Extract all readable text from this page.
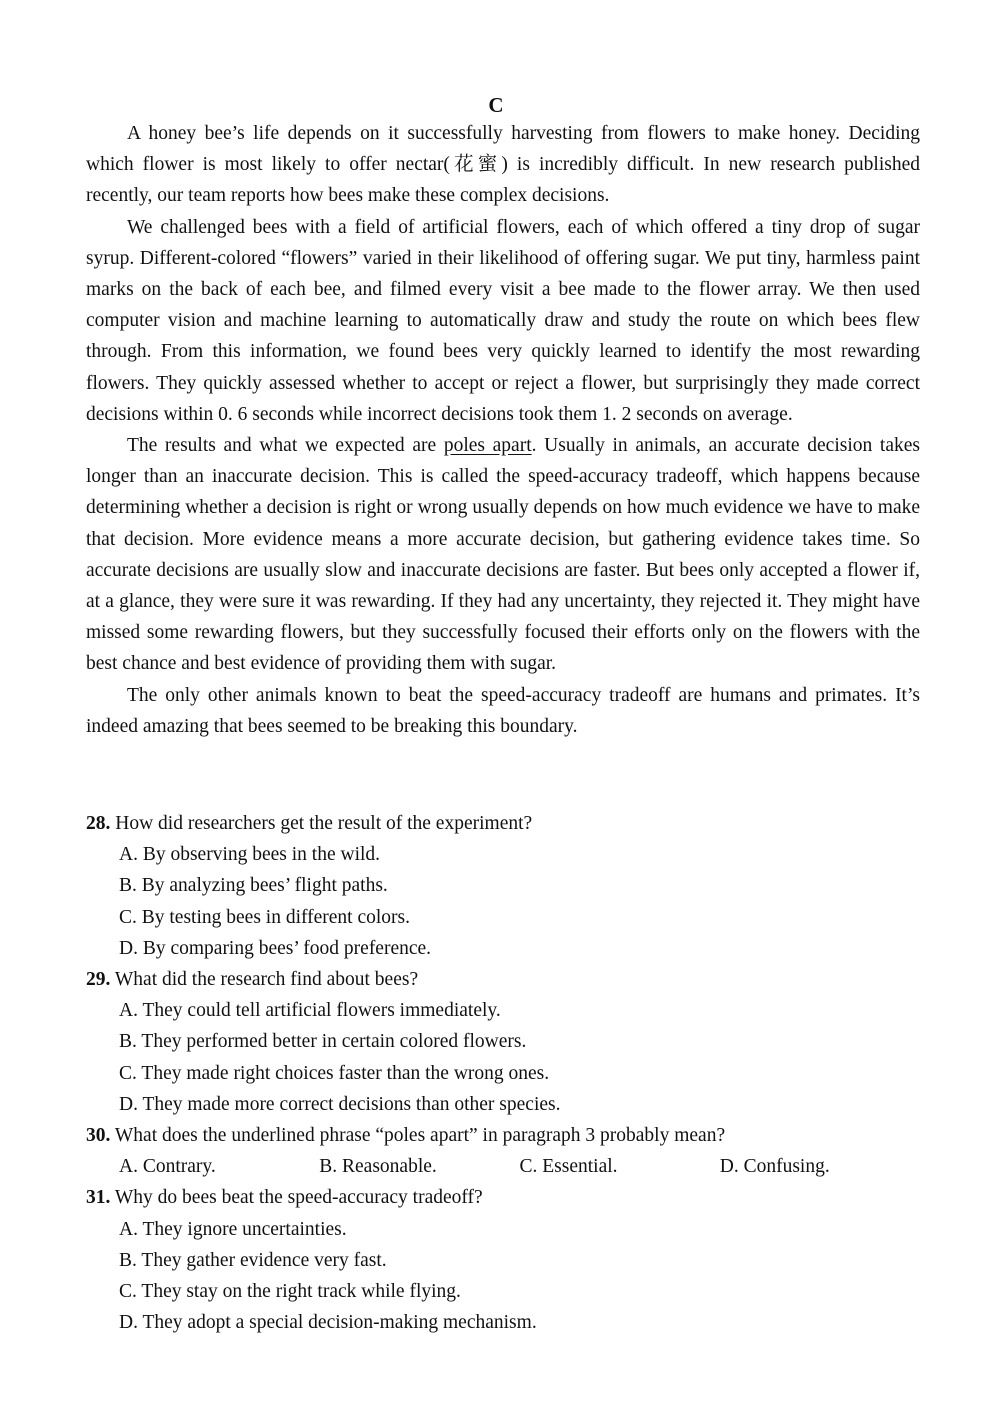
C

A honey bee’s life depends on it successfully harvesting from flowers to make honey. Deciding which flower is most likely to offer nectar(花蜜) is incredibly difficult. In new research published recently, our team reports how bees make these complex decisions.

We challenged bees with a field of artificial flowers, each of which offered a tiny drop of sugar syrup. Different-colored “flowers” varied in their likelihood of offering sugar. We put tiny, harmless paint marks on the back of each bee, and filmed every visit a bee made to the flower array. We then used computer vision and machine learning to automatically draw and study the route on which bees flew through. From this information, we found bees very quickly learned to identify the most rewarding flowers. They quickly assessed whether to accept or reject a flower, but surprisingly they made correct decisions within 0. 6 seconds while incorrect decisions took them 1. 2 seconds on average.

The results and what we expected are poles apart. Usually in animals, an accurate decision takes longer than an inaccurate decision. This is called the speed-accuracy tradeoff, which happens because determining whether a decision is right or wrong usually depends on how much evidence we have to make that decision. More evidence means a more accurate decision, but gathering evidence takes time. So accurate decisions are usually slow and inaccurate decisions are faster. But bees only accepted a flower if, at a glance, they were sure it was rewarding. If they had any uncertainty, they rejected it. They might have missed some rewarding flowers, but they successfully focused their efforts only on the flowers with the best chance and best evidence of providing them with sugar.

The only other animals known to beat the speed-accuracy tradeoff are humans and primates. It’s indeed amazing that bees seemed to be breaking this boundary.

28. How did researchers get the result of the experiment?

A. By observing bees in the wild.

B. By analyzing bees’ flight paths.

C. By testing bees in different colors.

D. By comparing bees’ food preference.

29. What did the research find about bees?

A. They could tell artificial flowers immediately.

B. They performed better in certain colored flowers.

C. They made right choices faster than the wrong ones.

D. They made more correct decisions than other species.

30. What does the underlined phrase “poles apart” in paragraph 3 probably mean?

A. Contrary.	B. Reasonable.	C. Essential.	D. Confusing.

31. Why do bees beat the speed-accuracy tradeoff?

A. They ignore uncertainties.

B. They gather evidence very fast.

C. They stay on the right track while flying.

D. They adopt a special decision-making mechanism.
